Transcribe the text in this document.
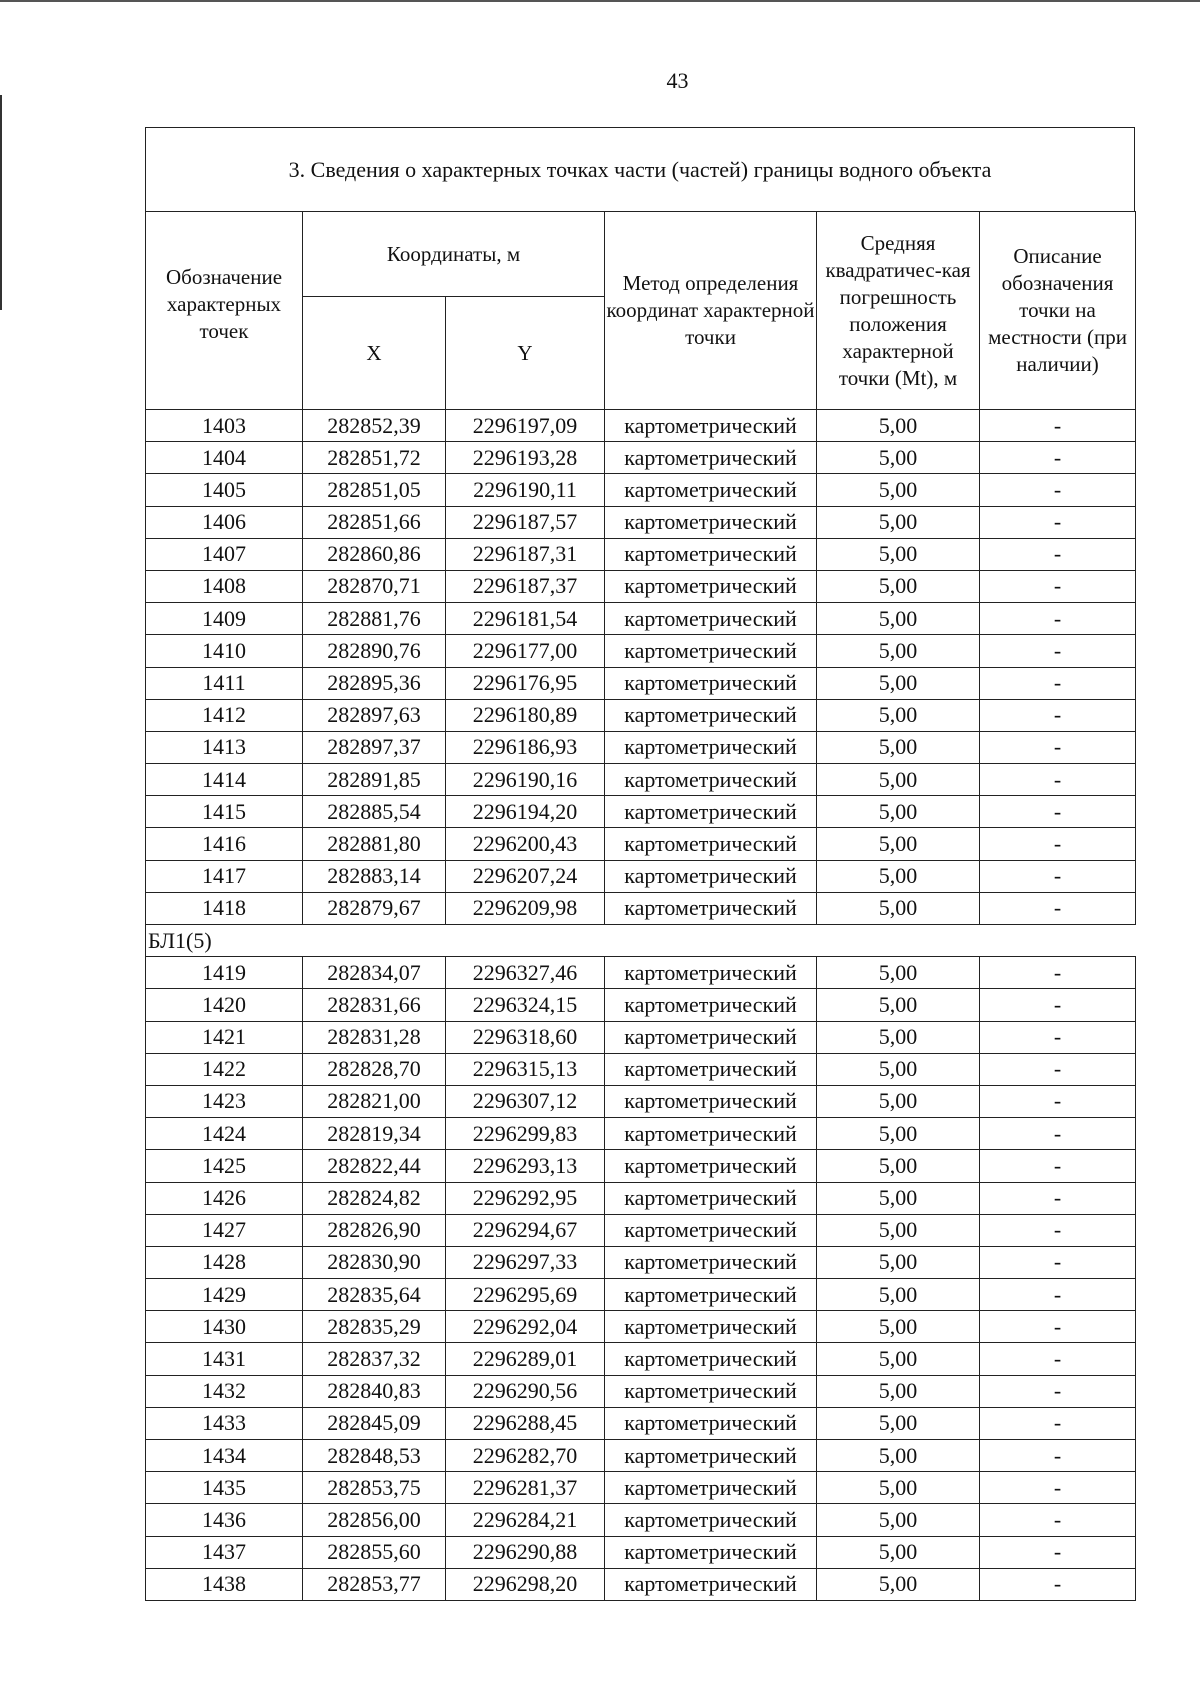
43
3. Сведения о характерных точках части (частей) границы водного объекта
Обозначение характерных точек	Координаты, м		Метод определения координат характерной точки	Средняя квадратичес-кая погрешность положения характерной точки (Mt), м	Описание обозначения точки на местности (при наличии)
	X	Y			
1403	282852,39	2296197,09	картометрический	5,00	-
1404	282851,72	2296193,28	картометрический	5,00	-
1405	282851,05	2296190,11	картометрический	5,00	-
1406	282851,66	2296187,57	картометрический	5,00	-
1407	282860,86	2296187,31	картометрический	5,00	-
1408	282870,71	2296187,37	картометрический	5,00	-
1409	282881,76	2296181,54	картометрический	5,00	-
1410	282890,76	2296177,00	картометрический	5,00	-
1411	282895,36	2296176,95	картометрический	5,00	-
1412	282897,63	2296180,89	картометрический	5,00	-
1413	282897,37	2296186,93	картометрический	5,00	-
1414	282891,85	2296190,16	картометрический	5,00	-
1415	282885,54	2296194,20	картометрический	5,00	-
1416	282881,80	2296200,43	картометрический	5,00	-
1417	282883,14	2296207,24	картометрический	5,00	-
1418	282879,67	2296209,98	картометрический	5,00	-
БЛ1(5)					
1419	282834,07	2296327,46	картометрический	5,00	-
1420	282831,66	2296324,15	картометрический	5,00	-
1421	282831,28	2296318,60	картометрический	5,00	-
1422	282828,70	2296315,13	картометрический	5,00	-
1423	282821,00	2296307,12	картометрический	5,00	-
1424	282819,34	2296299,83	картометрический	5,00	-
1425	282822,44	2296293,13	картометрический	5,00	-
1426	282824,82	2296292,95	картометрический	5,00	-
1427	282826,90	2296294,67	картометрический	5,00	-
1428	282830,90	2296297,33	картометрический	5,00	-
1429	282835,64	2296295,69	картометрический	5,00	-
1430	282835,29	2296292,04	картометрический	5,00	-
1431	282837,32	2296289,01	картометрический	5,00	-
1432	282840,83	2296290,56	картометрический	5,00	-
1433	282845,09	2296288,45	картометрический	5,00	-
1434	282848,53	2296282,70	картометрический	5,00	-
1435	282853,75	2296281,37	картометрический	5,00	-
1436	282856,00	2296284,21	картометрический	5,00	-
1437	282855,60	2296290,88	картометрический	5,00	-
1438	282853,77	2296298,20	картометрический	5,00	-
